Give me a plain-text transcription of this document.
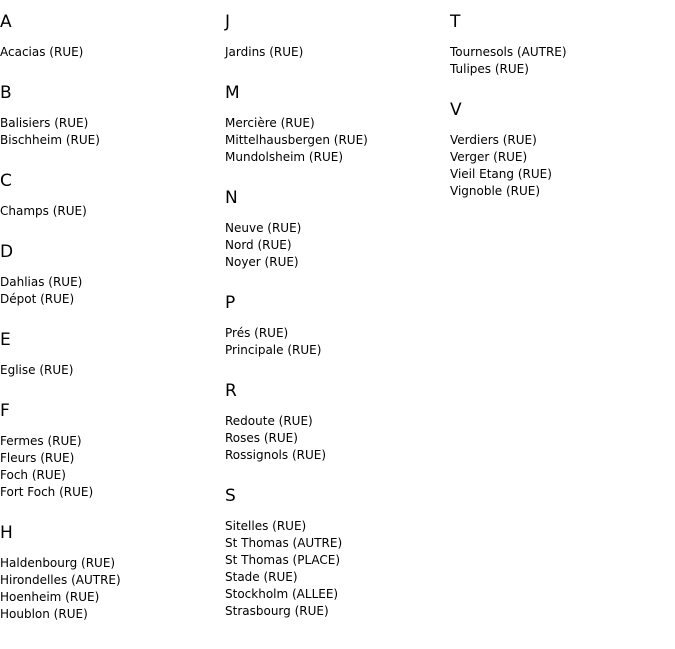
A
Acacias (RUE)
B
Balisiers (RUE)
Bischheim (RUE)
C
Champs (RUE)
D
Dahlias (RUE)
Dépot (RUE)
E
Eglise (RUE)
F
Fermes (RUE)
Fleurs (RUE)
Foch (RUE)
Fort Foch (RUE)
H
Haldenbourg (RUE)
Hirondelles (AUTRE)
Hoenheim (RUE)
Houblon (RUE)
J
Jardins (RUE)
M
Mercière (RUE)
Mittelhausbergen (RUE)
Mundolsheim (RUE)
N
Neuve (RUE)
Nord (RUE)
Noyer (RUE)
P
Prés (RUE)
Principale (RUE)
R
Redoute (RUE)
Roses (RUE)
Rossignols (RUE)
S
Sitelles (RUE)
St Thomas (AUTRE)
St Thomas (PLACE)
Stade (RUE)
Stockholm (ALLEE)
Strasbourg (RUE)
T
Tournesols (AUTRE)
Tulipes (RUE)
V
Verdiers (RUE)
Verger (RUE)
Vieil Etang (RUE)
Vignoble (RUE)
